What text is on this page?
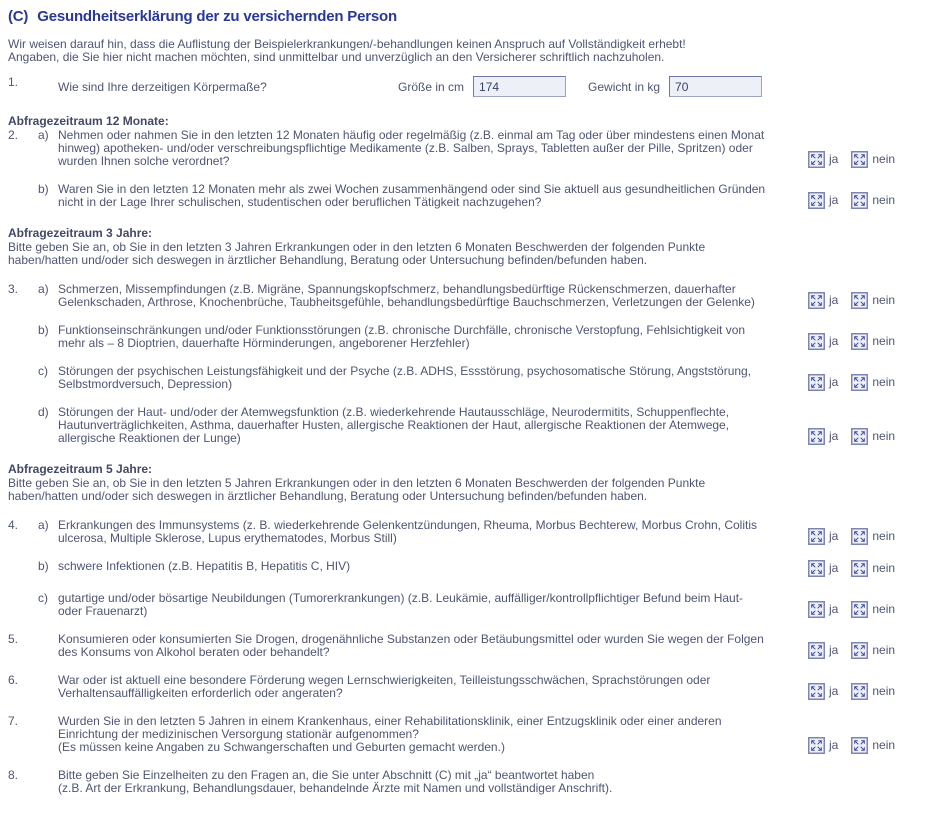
(C) Gesundheitserklärung der zu versichernden Person

Wir weisen darauf hin, dass die Auflistung der Beispielerkrankungen/-behandlungen keinen Anspruch auf Vollständigkeit erhebt!
Angaben, die Sie hier nicht machen möchten, sind unmittelbar und unverzüglich an den Versicherer schriftlich nachzuholen.

1.	Wie sind Ihre derzeitigen Körpermaße?	Größe in cm
174	Gewicht in kg
70
Abfragezeitraum 12 Monate:
2.	a) Nehmen oder nahmen Sie in den letzten 12 Monaten häufig oder regelmäßig (z.B. einmal am Tag oder über mindestens einen Monat hinweg) apotheken- und/oder verschreibungspflichtige Medikamente (z.B. Salben, Sprays, Tabletten außer der Pille, Spritzen) oder wurden Ihnen solche verordnet?	ja	nein
b) Waren Sie in den letzten 12 Monaten mehr als zwei Wochen zusammenhängend oder sind Sie aktuell aus gesundheitlichen Gründen nicht in der Lage Ihrer schulischen, studentischen oder beruflichen Tätigkeit nachzugehen?	ja	nein
Abfragezeitraum 3 Jahre:
Bitte geben Sie an, ob Sie in den letzten 3 Jahren Erkrankungen oder in den letzten 6 Monaten Beschwerden der folgenden Punkte haben/hatten und/oder sich deswegen in ärztlicher Behandlung, Beratung oder Untersuchung befinden/befunden haben.
3.	a) Schmerzen, Missempfindungen (z.B. Migräne, Spannungskopfschmerz, behandlungsbedürftige Rückenschmerzen, dauerhafter Gelenkschaden, Arthrose, Knochenbrüche, Taubheitsgefühle, behandlungsbedürftige Bauchschmerzen, Verletzungen der Gelenke)	ja	nein
b) Funktionseinschränkungen und/oder Funktionsstörungen (z.B. chronische Durchfälle, chronische Verstopfung, Fehlsichtigkeit von mehr als – 8 Dioptrien, dauerhafte Hörminderungen, angeborener Herzfehler)	ja	nein
c) Störungen der psychischen Leistungsfähigkeit und der Psyche (z.B. ADHS, Essstörung, psychosomatische Störung, Angststörung, Selbstmordversuch, Depression)	ja	nein
d) Störungen der Haut- und/oder der Atemwegsfunktion (z.B. wiederkehrende Hautausschläge, Neurodermitits, Schuppenflechte, Hautunverträglichkeiten, Asthma, dauerhafter Husten, allergische Reaktionen der Haut, allergische Reaktionen der Atemwege, allergische Reaktionen der Lunge)	ja	nein
Abfragezeitraum 5 Jahre:
Bitte geben Sie an, ob Sie in den letzten 5 Jahren Erkrankungen oder in den letzten 6 Monaten Beschwerden der folgenden Punkte haben/hatten und/oder sich deswegen in ärztlicher Behandlung, Beratung oder Untersuchung befinden/befunden haben.
4.	a) Erkrankungen des Immunsystems (z. B. wiederkehrende Gelenkentzündungen, Rheuma, Morbus Bechterew, Morbus Crohn, Colitis ulcerosa, Multiple Sklerose, Lupus erythematodes, Morbus Still)	ja	nein
b) schwere Infektionen (z.B. Hepatitis B, Hepatitis C, HIV)	ja	nein
c) gutartige und/oder bösartige Neubildungen (Tumorerkrankungen) (z.B. Leukämie, auffälliger/kontrollpflichtiger Befund beim Haut- oder Frauenarzt)	ja	nein
5.	Konsumieren oder konsumierten Sie Drogen, drogenähnliche Substanzen oder Betäubungsmittel oder wurden Sie wegen der Folgen des Konsums von Alkohol beraten oder behandelt?	ja	nein
6.	War oder ist aktuell eine besondere Förderung wegen Lernschwierigkeiten, Teilleistungsschwächen, Sprachstörungen oder Verhaltensauffälligkeiten erforderlich oder angeraten?	ja	nein
7.	Wurden Sie in den letzten 5 Jahren in einem Krankenhaus, einer Rehabilitationsklinik, einer Entzugsklinik oder einer anderen Einrichtung der medizinischen Versorgung stationär aufgenommen?
(Es müssen keine Angaben zu Schwangerschaften und Geburten gemacht werden.)	ja	nein
8.	Bitte geben Sie Einzelheiten zu den Fragen an, die Sie unter Abschnitt (C) mit „ja“ beantwortet haben
(z.B. Art der Erkrankung, Behandlungsdauer, behandelnde Ärzte mit Namen und vollständiger Anschrift).
